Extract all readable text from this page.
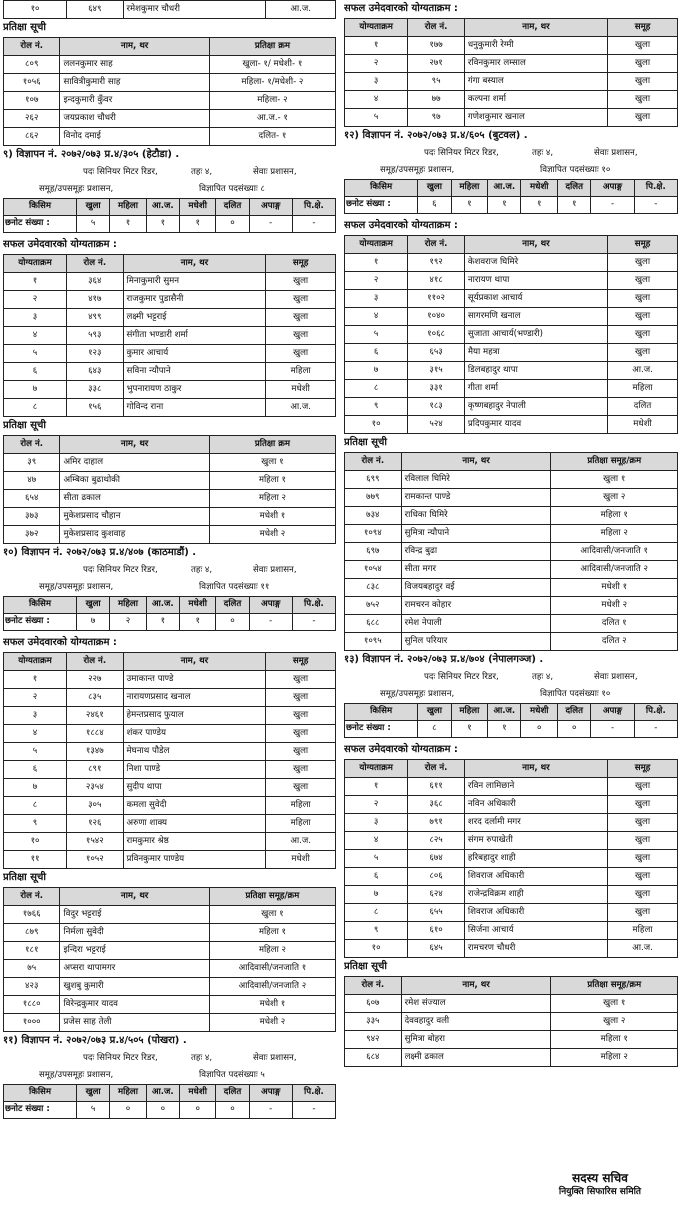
१०	६४९	रमेशकुमार चौधरी	आ.ज.
प्रतिक्षा सूची
रोल नं.	नाम, थर	प्रतिक्षा क्रम
८०९	ललनकुमार साह	खुला- १/ मधेशी- १
१०५६	सावित्रीकुमारी साह	महिला- १/मधेशी- २
१०७	इन्दकुमारी कुँवर	महिला- २
२६२	जयप्रकाश चौधरी	आ.ज.- १
८६२	विनोद दमाई	दलित- १
९) विज्ञापन नं. २०७२/०७३ प्र.४/३०५ (हेटौडा) .
पदः सिनियर मिटर रिडर,	तहः ४,	सेवाः प्रशासन,
समूह/उपसमूहः प्रशासन,	विज्ञापित पदसंख्याः ८
किसिम	खुला	महिला	आ.ज.	मधेशी	दलित	अपाङ्ग	पि.क्षे.
छनोट संख्या :	५	१	१	१	०	-	-
सफल उमेदवारको योग्यताक्रम :
योग्यताक्रम	रोल नं.	नाम, थर	समूह
१	३६४	मिनाकुमारी सुमन	खुला
२	४१७	राजकुमार पुडासैनी	खुला
३	४९९	लक्ष्मी भट्टराई	खुला
४	५९३	संगीता भण्डारी शर्मा	खुला
५	१२३	कुमार आचार्य	खुला
६	६४३	सविना न्यौपाने	महिला
७	३३८	भुपनारायण ठाकुर	मधेशी
८	१५६	गोविन्द राना	आ.ज.
प्रतिक्षा सूची
रोल नं.	नाम, थर	प्रतिक्षा क्रम
३९	अमिर दाहाल	खुला १
४७	अम्बिका बुढाथोकी	महिला १
६५४	सीता ढकाल	महिला २
३७३	मुकेशप्रसाद चौहान	मधेशी १
३७२	मुकेशप्रसाद कुशवाह	मधेशी २
१०) विज्ञापन नं. २०७२/०७३ प्र.४/४०७ (काठमाडौं) .
पदः सिनियर मिटर रिडर,	तहः ४,	सेवाः प्रशासन,
समूह/उपसमूहः प्रशासन,	विज्ञापित पदसंख्याः ११
किसिम	खुला	महिला	आ.ज.	मधेशी	दलित	अपाङ्ग	पि.क्षे.
छनोट संख्या :	७	२	१	१	०	-	-
सफल उमेदवारको योग्यताक्रम :
योग्यताक्रम	रोल नं.	नाम, थर	समूह
१	२२७	उमाकान्त पाण्डे	खुला
२	८३५	नारायणप्रसाद खनाल	खुला
३	२४६१	हेमन्तप्रसाद फुयाल	खुला
४	१८८४	शंकर पाण्डेय	खुला
५	१३४७	मेघनाथ पौडेल	खुला
६	८९१	निशा पाण्डे	खुला
७	२३५४	सुदीप थापा	खुला
८	३०५	कमला सुवेदी	महिला
९	१२६	अरुणा शाक्य	महिला
१०	१५४२	रामकुमार श्रेष्ठ	आ.ज.
११	१०५२	प्रविनकुमार पाण्डेय	मधेशी
प्रतिक्षा सूची
रोल नं.	नाम, थर	प्रतिक्षा समूह/क्रम
१७६६	विदुर भट्टराई	खुला १
८७९	निर्मला सुवेदी	महिला १
१८१	इन्दिरा भट्टराई	महिला २
७५	अप्सरा थापामगर	आदिवासी/जनजाति १
४२३	खुशबु कुमारी	आदिवासी/जनजाति २
१८८०	विरेन्द्रकुमार यादव	मधेशी १
१०००	प्रजेस साह तेली	मधेशी २
११) विज्ञापन नं. २०७२/०७३ प्र.४/५०५ (पोखरा) .
पदः सिनियर मिटर रिडर,	तहः ४,	सेवाः प्रशासन,
समूह/उपसमूहः प्रशासन,	विज्ञापित पदसंख्याः ५
किसिम	खुला	महिला	आ.ज.	मधेशी	दलित	अपाङ्ग	पि.क्षे.
छनोट संख्या :	५	०	०	०	०	-	-
सफल उमेदवारको योग्यताक्रम :
योग्यताक्रम	रोल नं.	नाम, थर	समूह
१	१७७	धनुकुमारी रेग्मी	खुला
२	२७१	रविनकुमार लम्साल	खुला
३	९५	गंगा बस्याल	खुला
४	७७	कल्पना शर्मा	खुला
५	९७	गणेशकुमार खनाल	खुला
१२) विज्ञापन नं. २०७२/०७३ प्र.४/६०५ (बुटवल) .
पदः सिनियर मिटर रिडर,	तहः ४,	सेवाः प्रशासन,
समूह/उपसमूहः प्रशासन,	विज्ञापित पदसंख्याः १०
किसिम	खुला	महिला	आ.ज.	मधेशी	दलित	अपाङ्ग	पि.क्षे.
छनोट संख्या :	६	१	१	१	१	-	-
सफल उमेदवारको योग्यताक्रम :
योग्यताक्रम	रोल नं.	नाम, थर	समूह
१	१९२	केशवराज घिमिरे	खुला
२	४१८	नारायण थापा	खुला
३	११०२	सूर्यप्रकाश आचार्य	खुला
४	१०४०	सागरमणि खनाल	खुला
५	१०६८	सुजाता आचार्य(भण्डारी)	खुला
६	६५३	मैया महत्रा	खुला
७	३१५	डिलबहादुर थापा	आ.ज.
८	३३१	गीता शर्मा	महिला
९	१८३	कृष्णबहादुर नेपाली	दलित
१०	५२४	प्रदिपकुमार यादव	मधेशी
प्रतिक्षा सूची
रोल नं.	नाम, थर	प्रतिक्षा समूह/क्रम
६९९	रविलाल घिमिरे	खुला १
७७९	रामकान्त पाण्डे	खुला २
७३४	राधिका घिमिरे	महिला १
१०९४	सुमित्रा न्यौपाने	महिला २
६९७	रविन्द्र बुढा	आदिवासी/जनजाति १
१०५४	सीता मगर	आदिवासी/जनजाति २
८३८	विजयबहादुर वर्ई	मधेशी १
७५२	रामचरन कोहार	मधेशी २
६८८	रमेश नेपाली	दलित १
१०९५	सुनिल परियार	दलित २
१३) विज्ञापन नं. २०७२/०७३ प्र.४/७०४ (नेपालगञ्ज) .
पदः सिनियर मिटर रिडर,	तहः ४,	सेवाः प्रशासन,
समूह/उपसमूहः प्रशासन,	विज्ञापित पदसंख्याः १०
किसिम	खुला	महिला	आ.ज.	मधेशी	दलित	अपाङ्ग	पि.क्षे.
छनोट संख्या :	८	१	१	०	०	-	-
सफल उमेदवारको योग्यताक्रम :
योग्यताक्रम	रोल नं.	नाम, थर	समूह
१	६११	रविन लामिछाने	खुला
२	३६८	नविन अधिकारी	खुला
३	७९१	शरद दर्लामी मगर	खुला
४	८२५	संगम रुपाखेती	खुला
५	६७४	हरिबहादुर शाही	खुला
६	८०६	शिवराज अधिकारी	खुला
७	६२४	राजेन्द्रविक्रम शाही	खुला
८	६५५	शिवराज अधिकारी	खुला
९	६१०	सिर्जना आचार्य	महिला
१०	६४५	रामचरण चौधरी	आ.ज.
प्रतिक्षा सूची
रोल नं.	नाम, थर	प्रतिक्षा समूह/क्रम
६०७	रमेश संज्याल	खुला १
३३५	देववहादुर वली	खुला २
९४२	सुमित्रा बोहरा	महिला १
६८४	लक्ष्मी ढकाल	महिला २
सदस्य सचिव
नियुक्ति सिफारिस समिति
